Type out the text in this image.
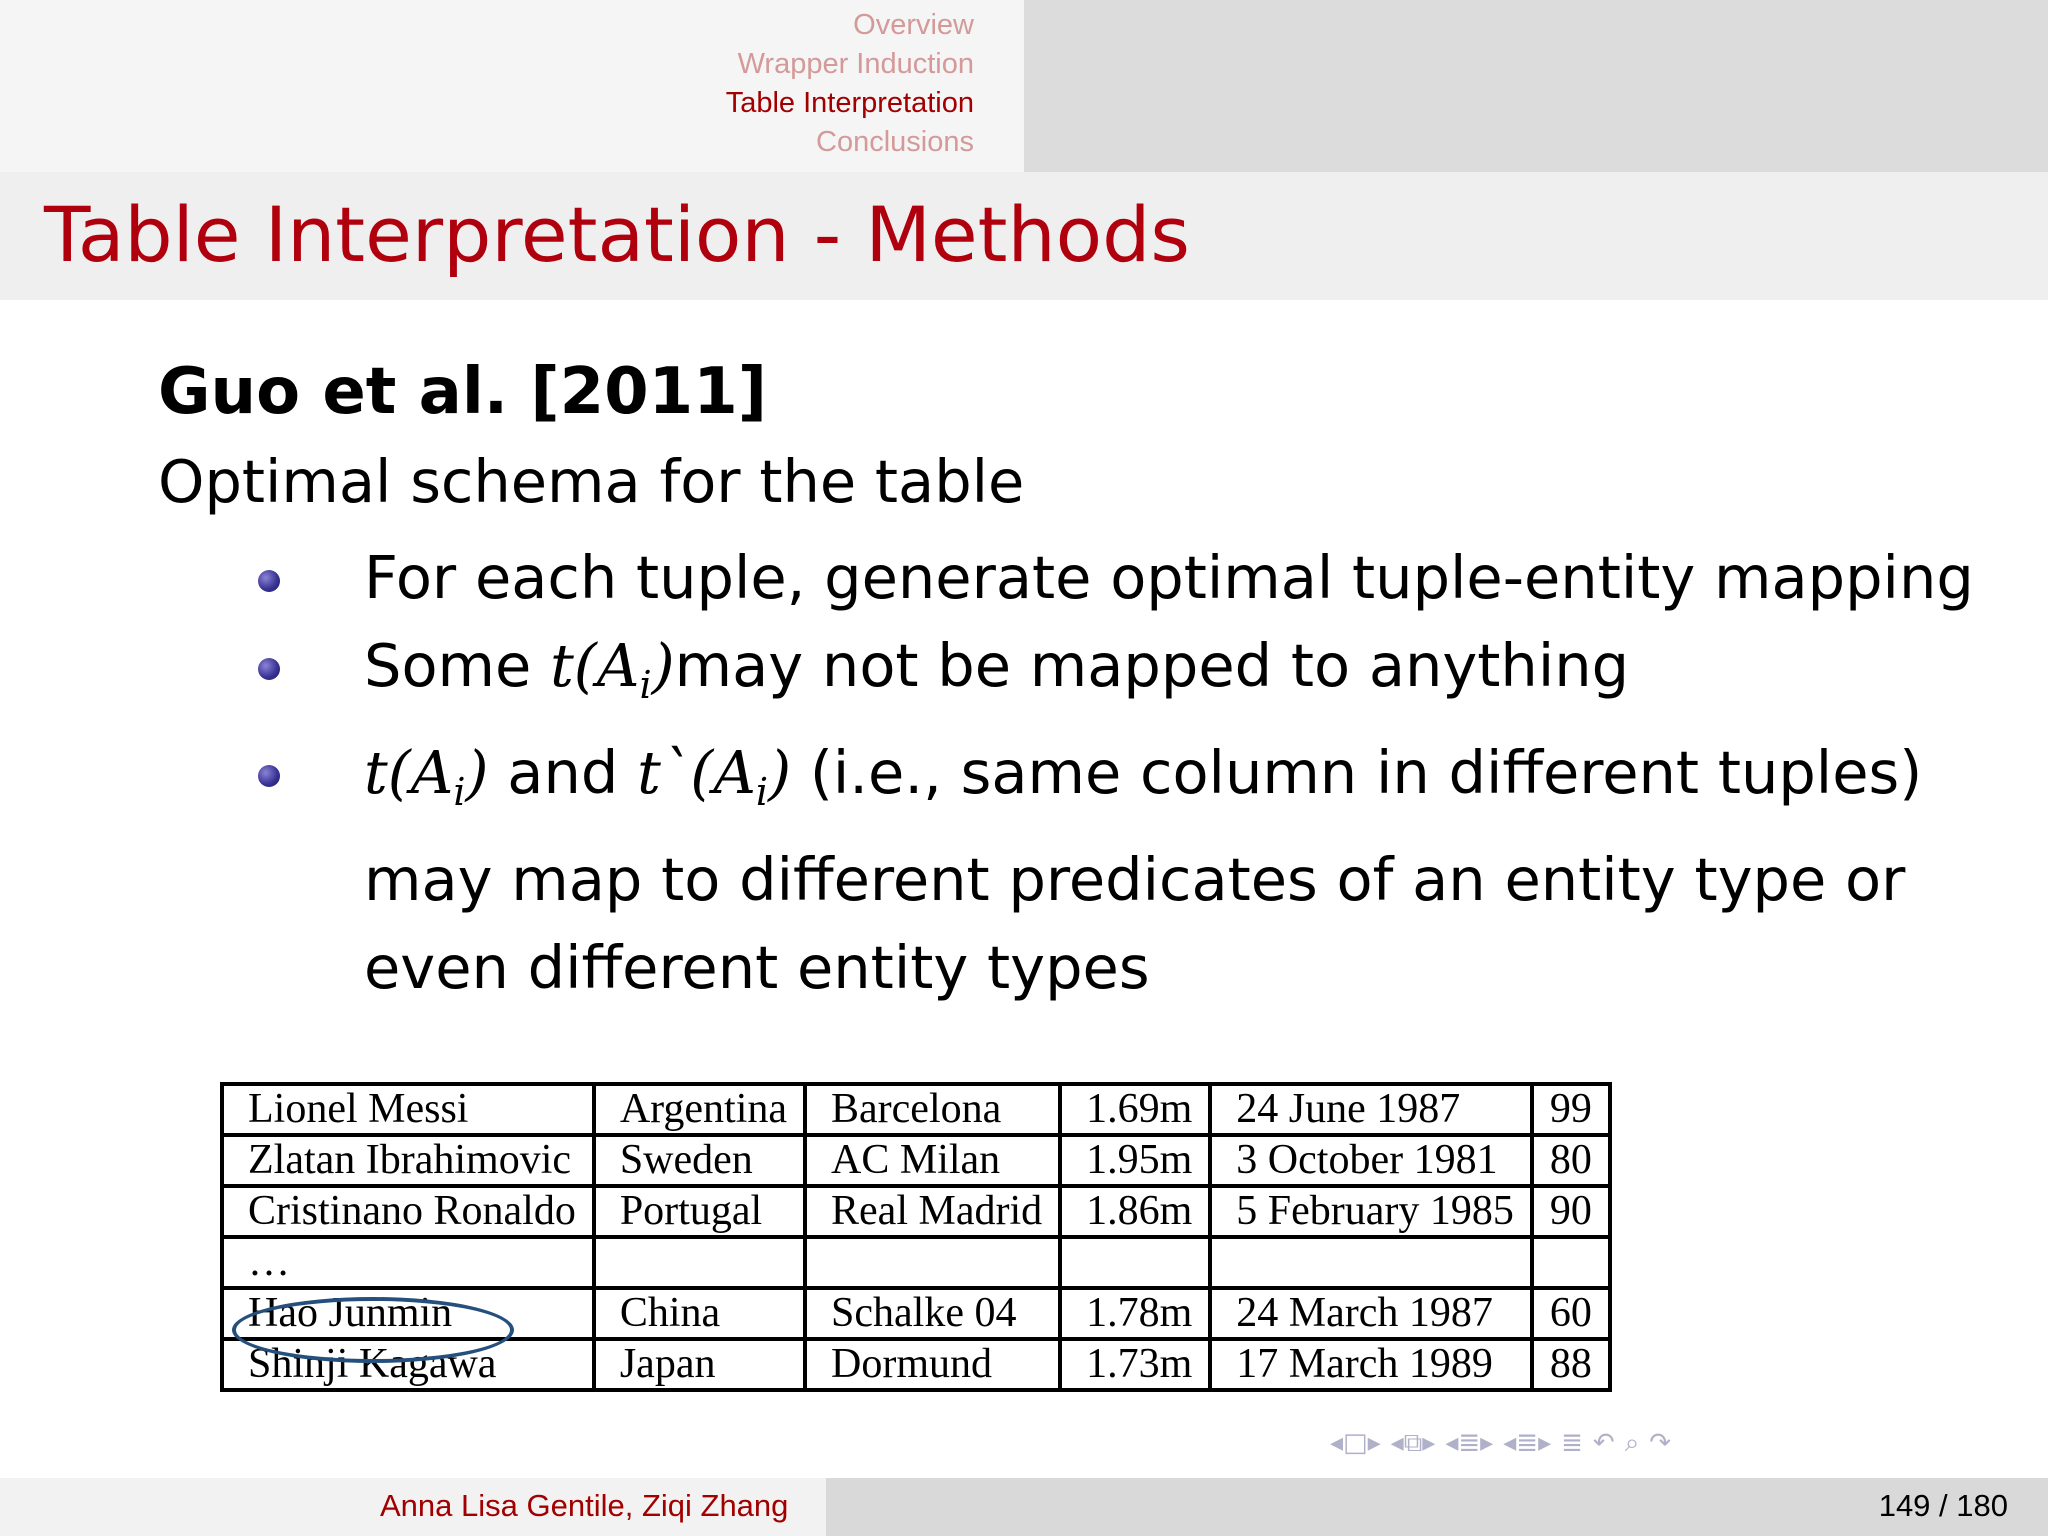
Overview
Wrapper Induction
Table Interpretation
Conclusions
Table Interpretation - Methods
Guo et al. [2011]
Optimal schema for the table
For each tuple, generate optimal tuple-entity mapping
Some $t(A_i)may$ not be mapped to anything
$t(A_i)$ and $t`(A_i)$ (i.e., same column in different tuples) may map to different predicates of an entity type or even different entity types
Lionel Messi	Argentina	Barcelona	1.69m	24 June 1987	99
Zlatan Ibrahimovic	Sweden	AC Milan	1.95m	3 October 1981	80
Cristinano Ronaldo	Portugal	Real Madrid	1.86m	5 February 1985	90
…					
Hao Junmin	China	Schalke 04	1.78m	24 March 1987	60
Shinji Kagawa	Japan	Dormund	1.73m	17 March 1989	88
◂□▸ ◂⧉▸ ◂≣▸ ◂≣▸ ≣ ↶ ⌕ ↷
Anna Lisa Gentile, Ziqi Zhang	149 / 180
